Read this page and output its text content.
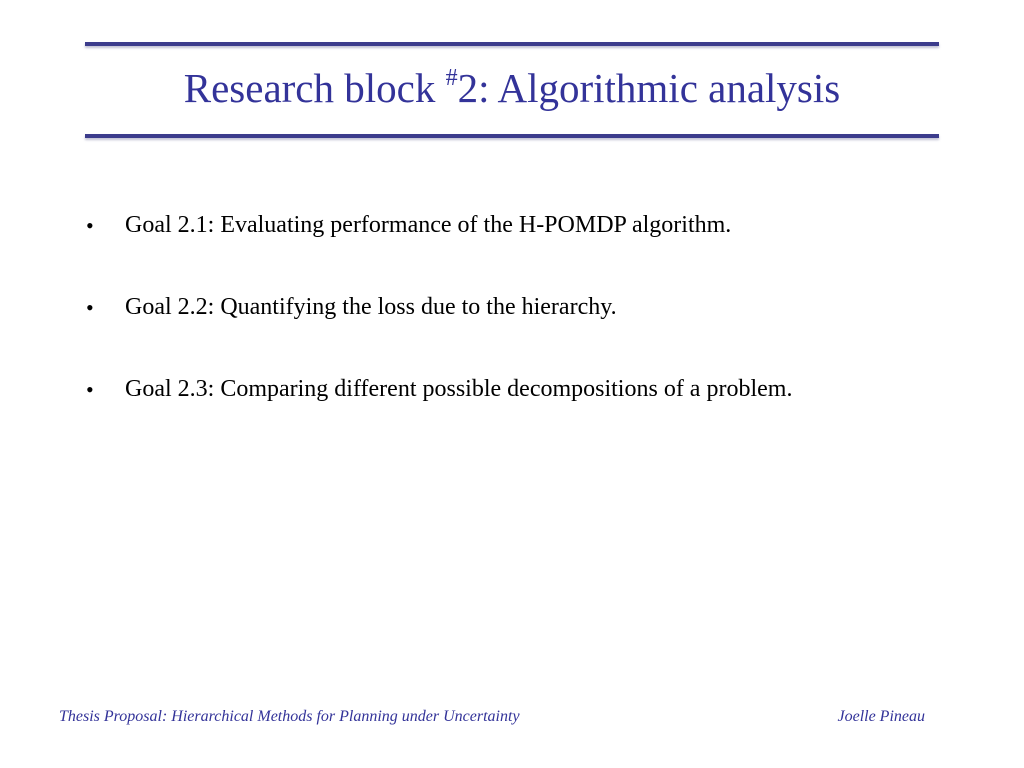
Research block #2: Algorithmic analysis
• Goal 2.1: Evaluating performance of the H-POMDP algorithm.
• Goal 2.2: Quantifying the loss due to the hierarchy.
• Goal 2.3: Comparing different possible decompositions of a problem.
Thesis Proposal: Hierarchical Methods for Planning under Uncertainty	Joelle Pineau
